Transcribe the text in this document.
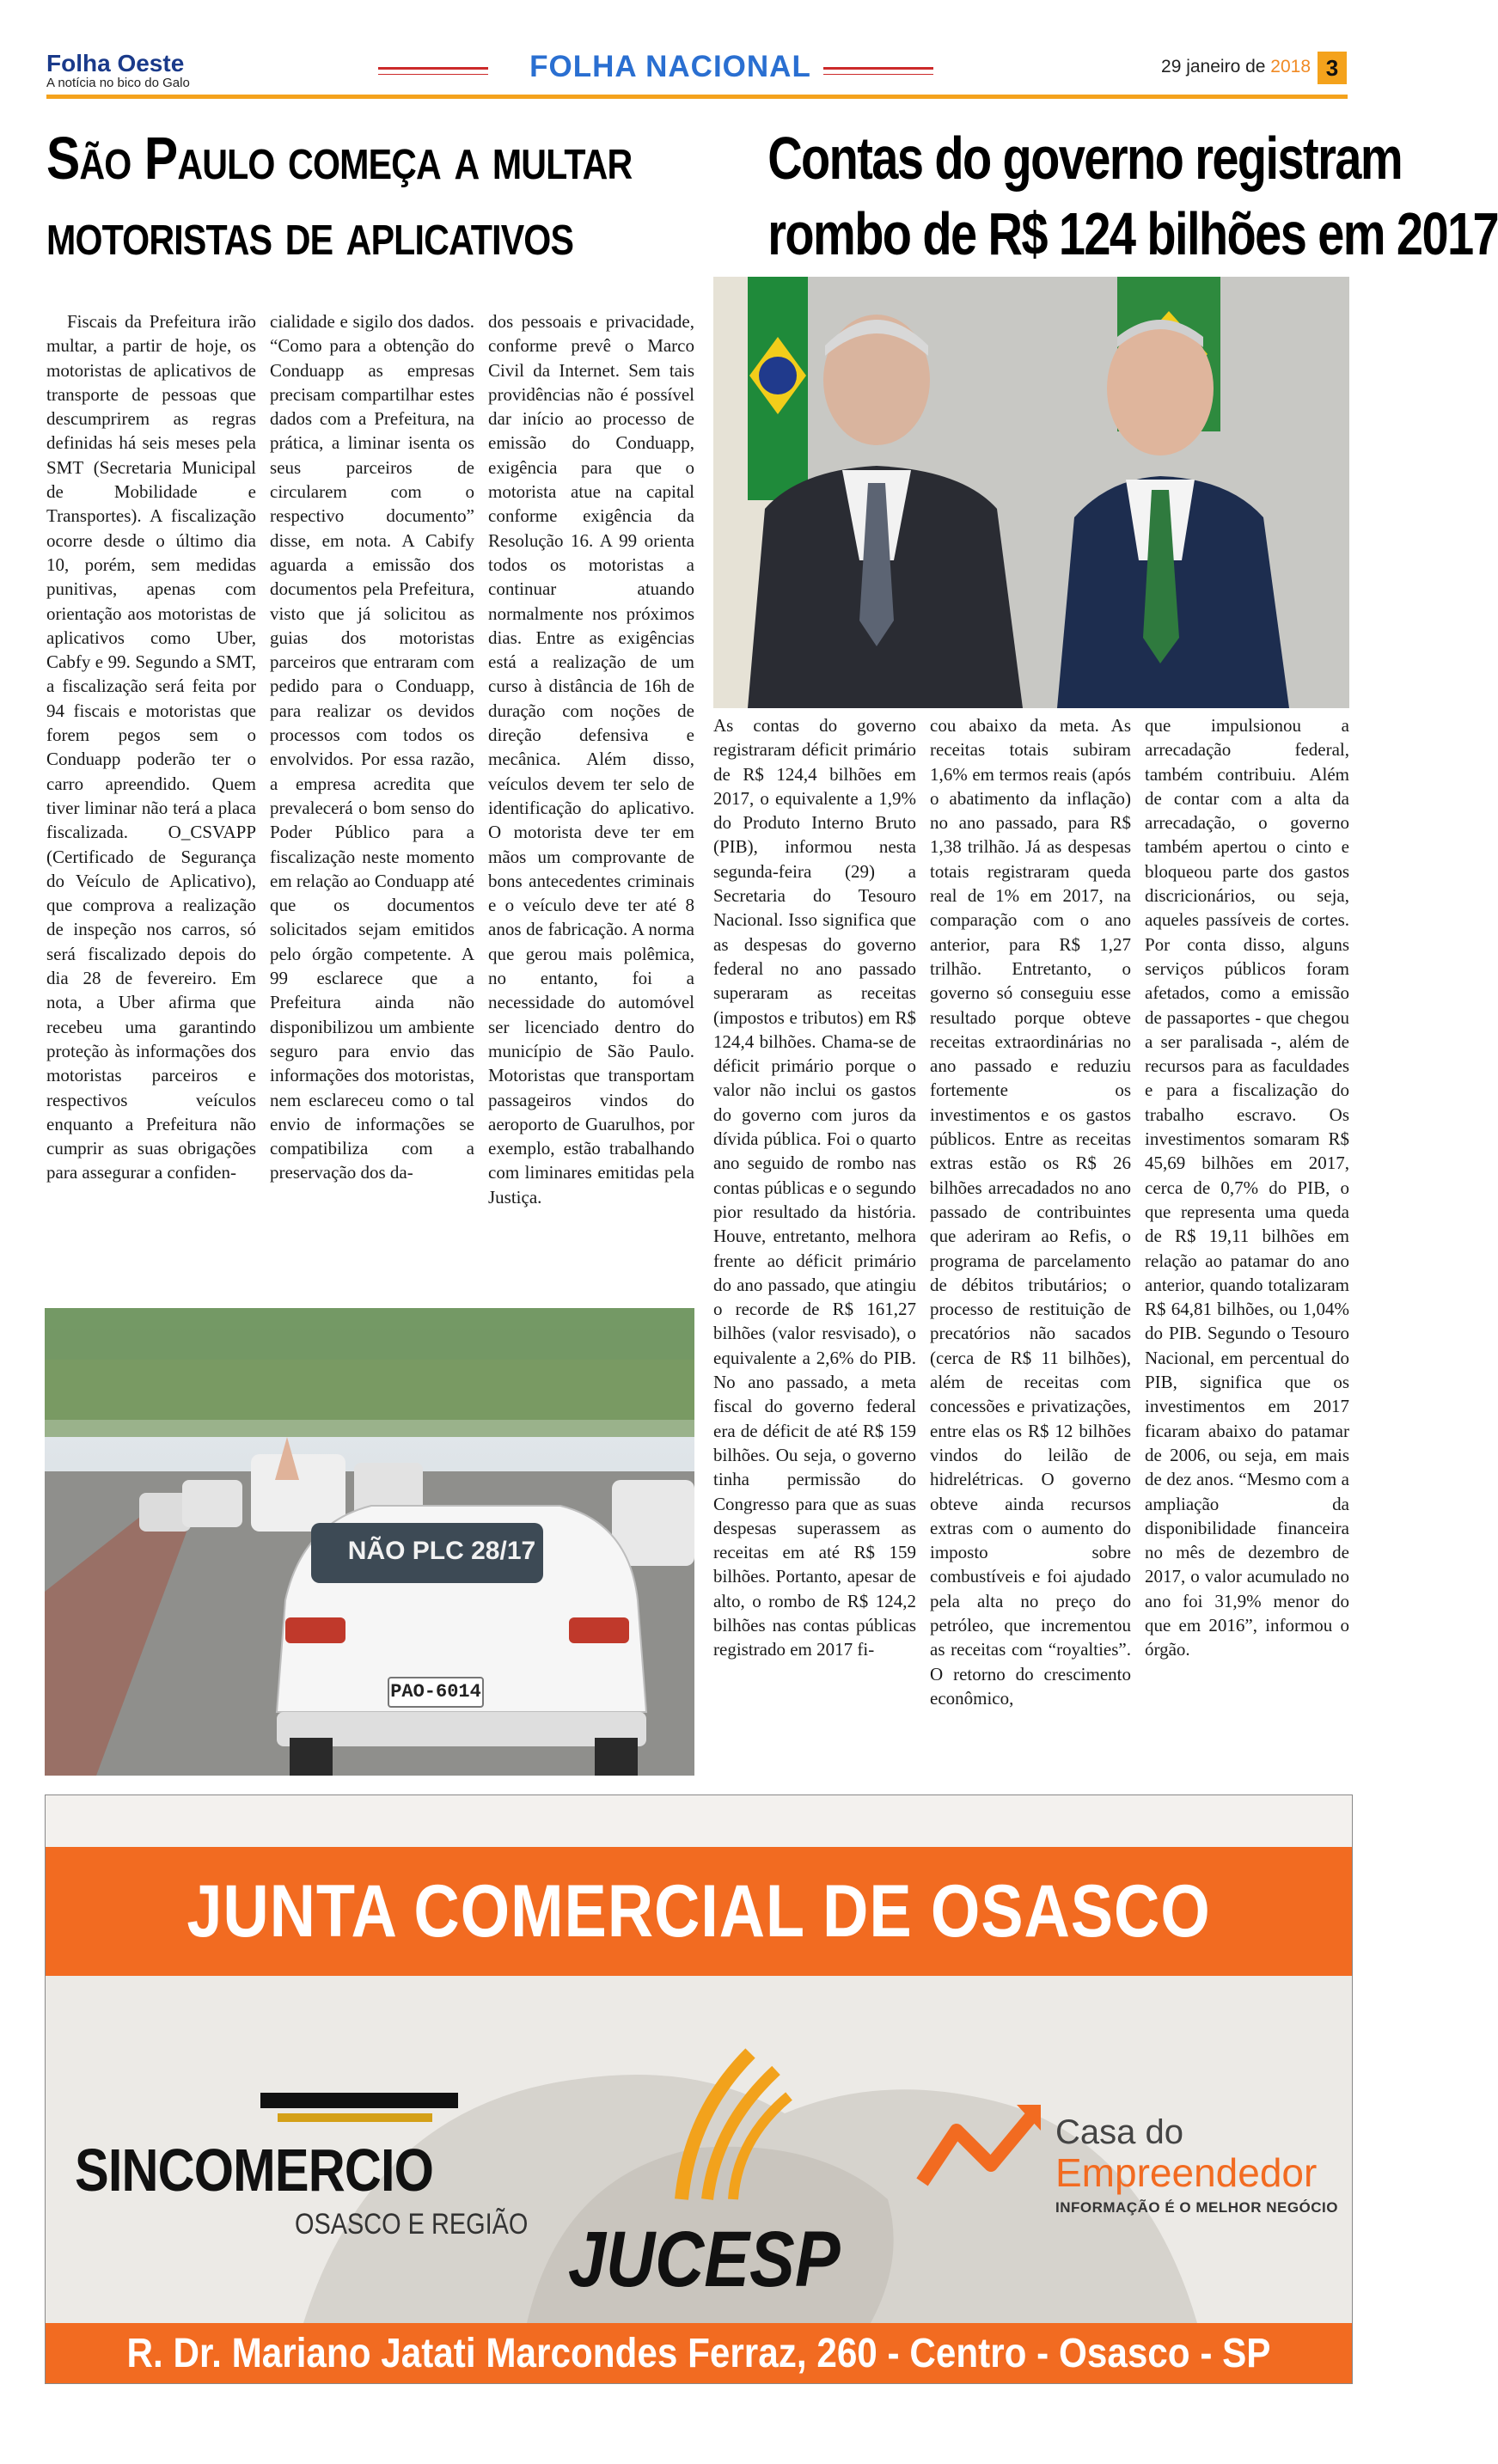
Folha Oeste
A notícia no bico do Galo	FOLHA NACIONAL	29 janeiro de 2018 3
São Paulo começa a multar
motoristas de aplicativos
Contas do governo registram
rombo de R$ 124 bilhões em 2017

Fiscais da Prefeitura irão multar, a partir de hoje, os motoristas de aplicativos de transporte de pessoas que descumprirem as regras definidas há seis meses pela SMT (Secretaria Municipal de Mobilidade e Transportes). A fiscalização ocorre desde o último dia 10, porém, sem medidas punitivas, apenas com orientação aos motoristas de aplicativos como Uber, Cabfy e 99. Segundo a SMT, a fiscalização será feita por 94 fiscais e motoristas que forem pegos sem o Conduapp poderão ter o carro apreendido. Quem tiver liminar não terá a placa fiscalizada. O_CSVAPP (Certificado de Segurança do Veículo de Aplicativo), que comprova a realização de inspeção nos carros, só será fiscalizado depois do dia 28 de fevereiro. Em nota, a Uber afirma que recebeu uma garantindo proteção às informações dos motoristas parceiros e respectivos veículos enquanto a Prefeitura não cumprir as suas obrigações para assegurar a confiden-

cialidade e sigilo dos dados. “Como para a obtenção do Conduapp as empresas precisam compartilhar estes dados com a Prefeitura, na prática, a liminar isenta os seus parceiros de circularem com o respectivo documento” disse, em nota. A Cabify aguarda a emissão dos documentos pela Prefeitura, visto que já solicitou as guias dos motoristas parceiros que entraram com pedido para o Conduapp, para realizar os devidos processos com todos os envolvidos. Por essa razão, a empresa acredita que prevalecerá o bom senso do Poder Público para a fiscalização neste momento em relação ao Conduapp até que os documentos solicitados sejam emitidos pelo órgão competente. A 99 esclarece que a Prefeitura ainda não disponibilizou um ambiente seguro para envio das informações dos motoristas, nem esclareceu como o tal envio de informações se compatibiliza com a preservação dos da-

dos pessoais e privacidade, conforme prevê o Marco Civil da Internet. Sem tais providências não é possível dar início ao processo de emissão do Conduapp, exigência para que o motorista atue na capital conforme exigência da Resolução 16. A 99 orienta todos os motoristas a continuar atuando normalmente nos próximos dias. Entre as exigências está a realização de um curso à distância de 16h de duração com noções de direção defensiva e mecânica. Além disso, veículos devem ter selo de identificação do aplicativo. O motorista deve ter em mãos um comprovante de bons antecedentes criminais e o veículo deve ter até 8 anos de fabricação. A norma que gerou mais polêmica, no entanto, foi a necessidade do automóvel ser licenciado dentro do município de São Paulo. Motoristas que transportam passageiros vindos do aeroporto de Guarulhos, por exemplo, estão trabalhando com liminares emitidas pela Justiça.

NÃO PLC 28/17
PAO-6014

As contas do governo registraram déficit primário de R$ 124,4 bilhões em 2017, o equivalente a 1,9% do Produto Interno Bruto (PIB), informou nesta segunda-feira (29) a Secretaria do Tesouro Nacional. Isso significa que as despesas do governo federal no ano passado superaram as receitas (impostos e tributos) em R$ 124,4 bilhões. Chama-se de déficit primário porque o valor não inclui os gastos do governo com juros da dívida pública. Foi o quarto ano seguido de rombo nas contas públicas e o segundo pior resultado da história. Houve, entretanto, melhora frente ao déficit primário do ano passado, que atingiu o recorde de R$ 161,27 bilhões (valor resvisado), o equivalente a 2,6% do PIB. No ano passado, a meta fiscal do governo federal era de déficit de até R$ 159 bilhões. Ou seja, o governo tinha permissão do Congresso para que as suas despesas superassem as receitas em até R$ 159 bilhões. Portanto, apesar de alto, o rombo de R$ 124,2 bilhões nas contas públicas registrado em 2017 fi-

cou abaixo da meta. As receitas totais subiram 1,6% em termos reais (após o abatimento da inflação) no ano passado, para R$ 1,38 trilhão. Já as despesas totais registraram queda real de 1% em 2017, na comparação com o ano anterior, para R$ 1,27 trilhão. Entretanto, o governo só conseguiu esse resultado porque obteve receitas extraordinárias no ano passado e reduziu fortemente os investimentos e os gastos públicos. Entre as receitas extras estão os R$ 26 bilhões arrecadados no ano passado de contribuintes que aderiram ao Refis, o programa de parcelamento de débitos tributários; o processo de restituição de precatórios não sacados (cerca de R$ 11 bilhões), além de receitas com concessões e privatizações, entre elas os R$ 12 bilhões vindos do leilão de hidrelétricas. O governo obteve ainda recursos extras com o aumento do imposto sobre combustíveis e foi ajudado pela alta no preço do petróleo, que incrementou as receitas com “royalties”. O retorno do crescimento econômico,

que impulsionou a arrecadação federal, também contribuiu. Além de contar com a alta da arrecadação, o governo também apertou o cinto e bloqueou parte dos gastos discricionários, ou seja, aqueles passíveis de cortes. Por conta disso, alguns serviços públicos foram afetados, como a emissão de passaportes - que chegou a ser paralisada -, além de recursos para as faculdades e para a fiscalização do trabalho escravo. Os investimentos somaram R$ 45,69 bilhões em 2017, cerca de 0,7% do PIB, o que representa uma queda de R$ 19,11 bilhões em relação ao patamar do ano anterior, quando totalizaram R$ 64,81 bilhões, ou 1,04% do PIB. Segundo o Tesouro Nacional, em percentual do PIB, significa que os investimentos em 2017 ficaram abaixo do patamar de 2006, ou seja, em mais de dez anos. “Mesmo com a ampliação da disponibilidade financeira no mês de dezembro de 2017, o valor acumulado no ano foi 31,9% menor do que em 2016”, informou o órgão.

JUNTA COMERCIAL DE OSASCO
SINCOMERCIO
OSASCO E REGIÃO JUCESP
Casa do
Empreendedor
INFORMAÇÃO É O MELHOR NEGÓCIO
R. Dr. Mariano Jatati Marcondes Ferraz, 260 - Centro - Osasco - SP
